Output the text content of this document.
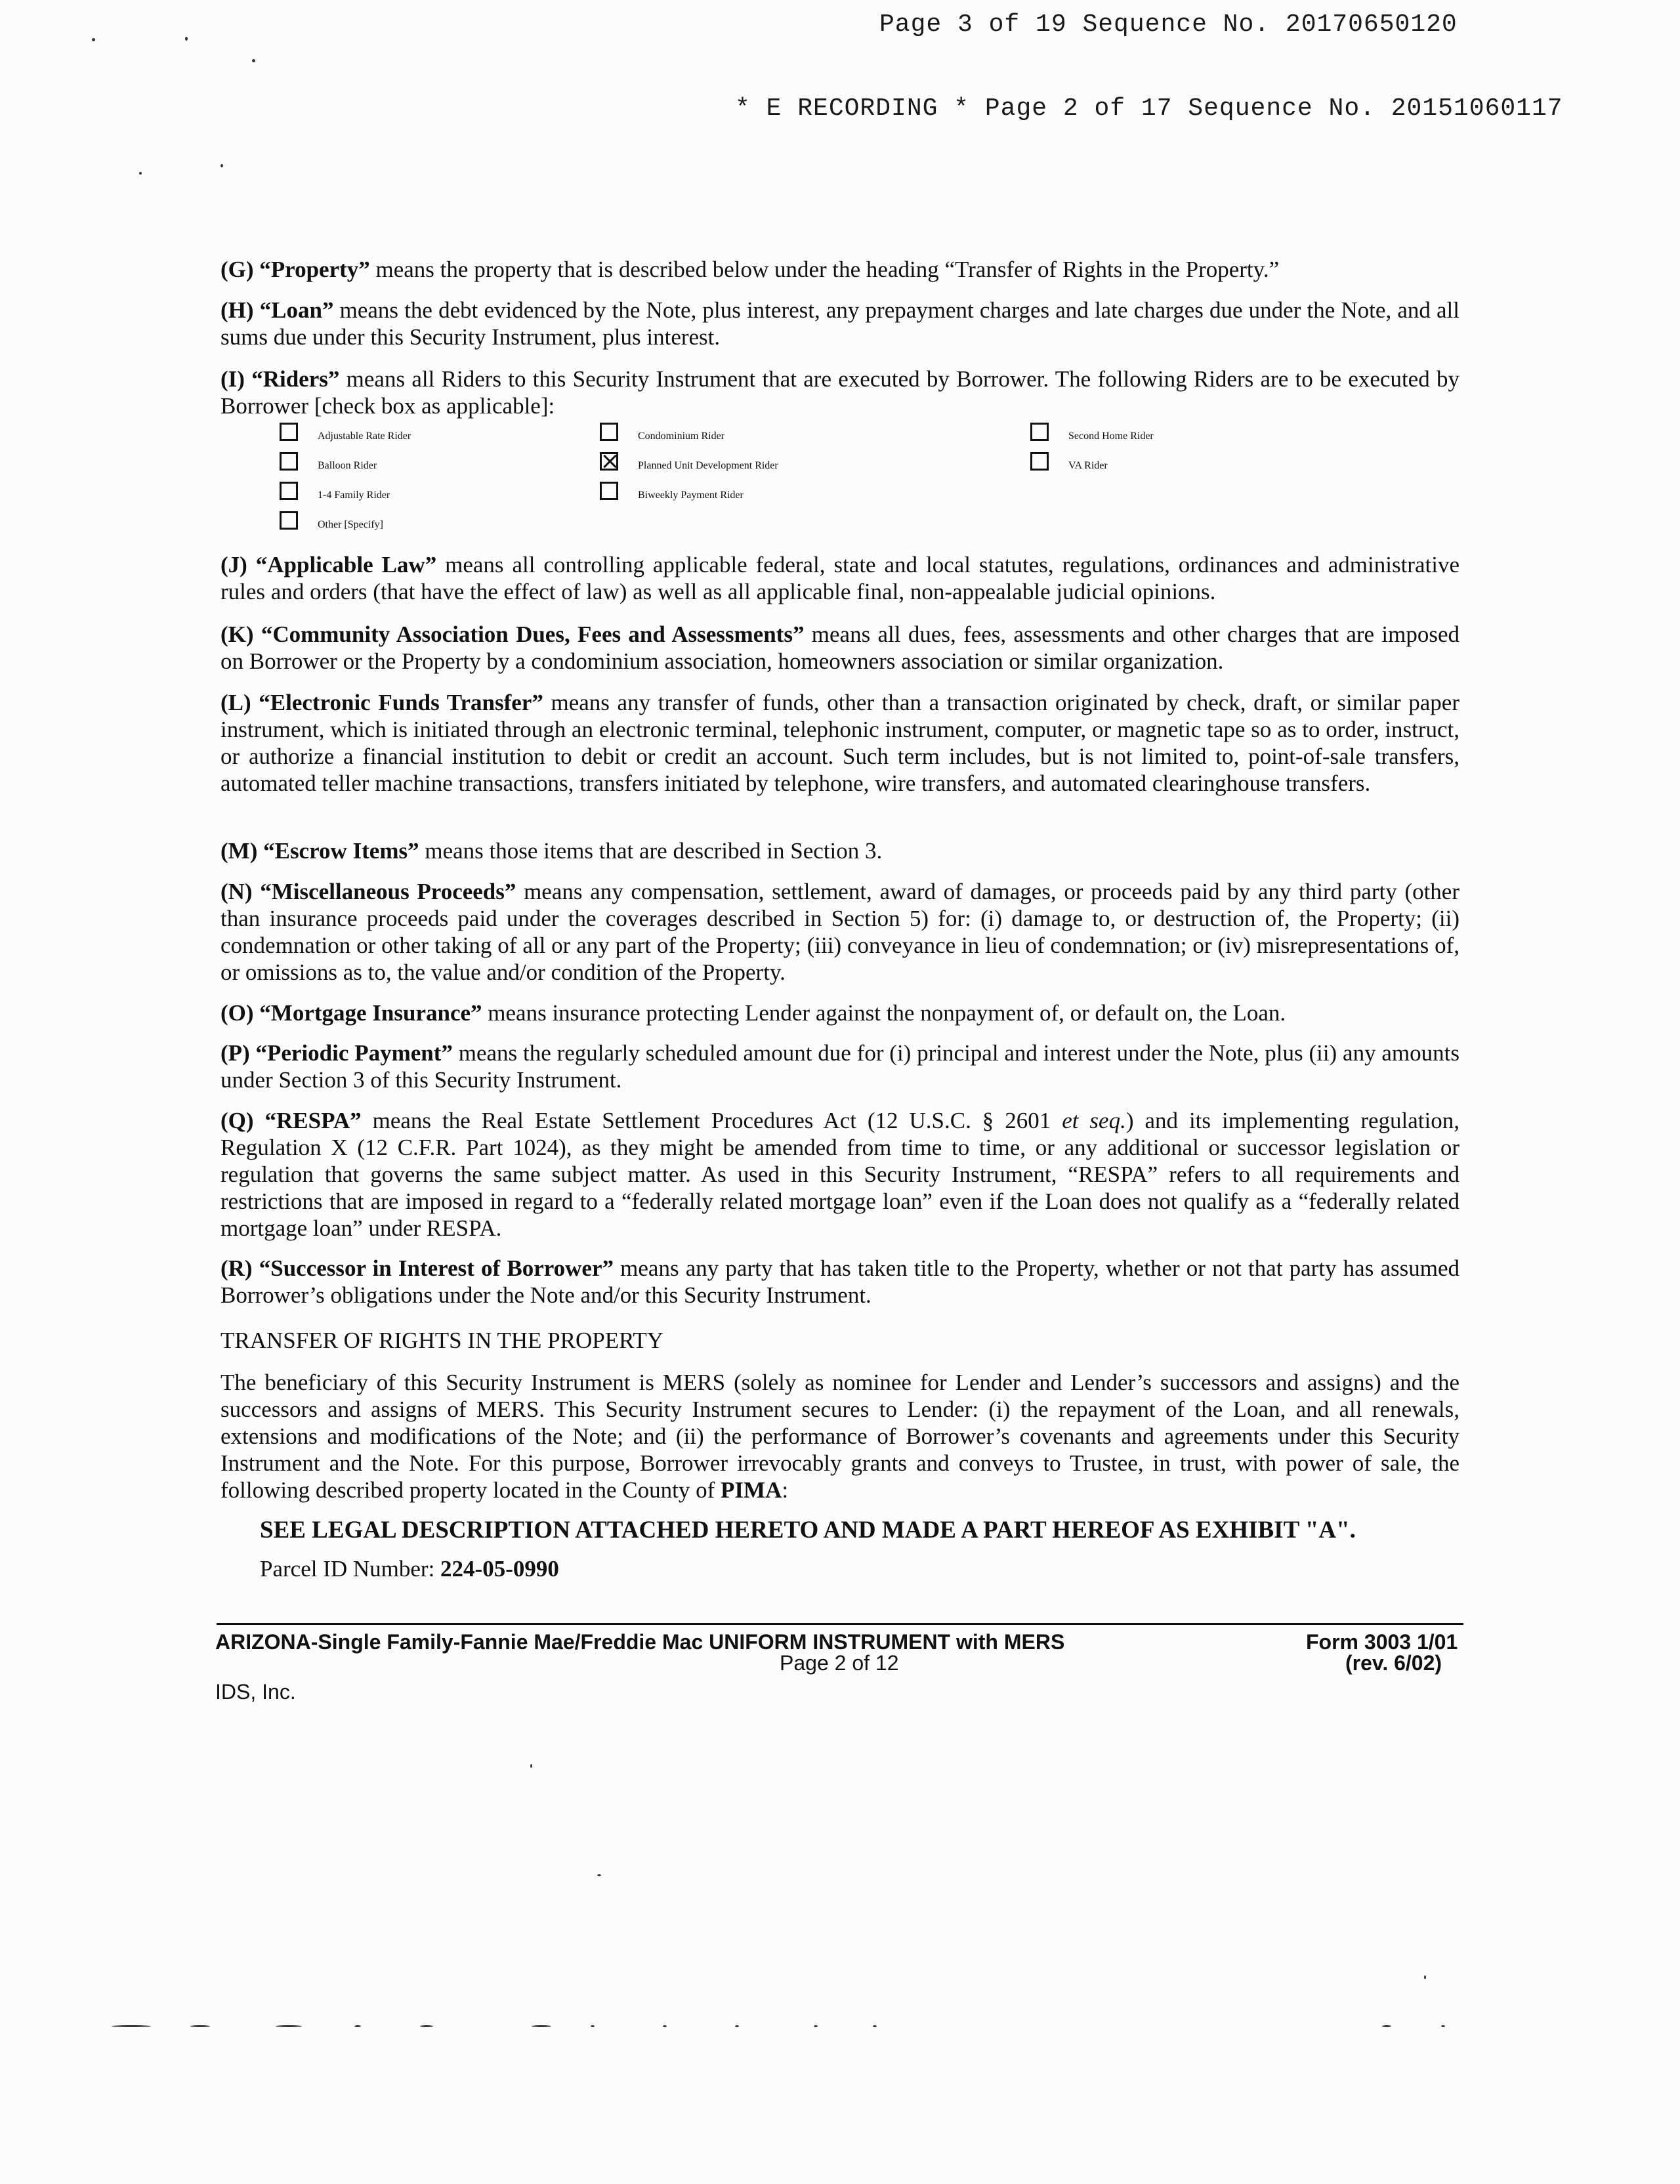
Page 3 of 19 Sequence No. 20170650120
* E RECORDING * Page 2 of 17 Sequence No. 20151060117
(G) “Property” means the property that is described below under the heading “Transfer of Rights in the Property.”
(H) “Loan” means the debt evidenced by the Note, plus interest, any prepayment charges and late charges due under the Note, and all sums due under this Security Instrument, plus interest.
(I) “Riders” means all Riders to this Security Instrument that are executed by Borrower. The following Riders are to be executed by Borrower [check box as applicable]:
Adjustable Rate Rider
Balloon Rider
1-4 Family Rider
Other [Specify]
Condominium Rider
Planned Unit Development Rider
Biweekly Payment Rider
Second Home Rider
VA Rider
(J) “Applicable Law” means all controlling applicable federal, state and local statutes, regulations, ordinances and administrative rules and orders (that have the effect of law) as well as all applicable final, non-appealable judicial opinions.
(K) “Community Association Dues, Fees and Assessments” means all dues, fees, assessments and other charges that are imposed on Borrower or the Property by a condominium association, homeowners association or similar organization.
(L) “Electronic Funds Transfer” means any transfer of funds, other than a transaction originated by check, draft, or similar paper instrument, which is initiated through an electronic terminal, telephonic instrument, computer, or magnetic tape so as to order, instruct, or authorize a financial institution to debit or credit an account. Such term includes, but is not limited to, point-of-sale transfers, automated teller machine transactions, transfers initiated by telephone, wire transfers, and automated clearinghouse transfers.
(M) “Escrow Items” means those items that are described in Section 3.
(N) “Miscellaneous Proceeds” means any compensation, settlement, award of damages, or proceeds paid by any third party (other than insurance proceeds paid under the coverages described in Section 5) for: (i) damage to, or destruction of, the Property; (ii) condemnation or other taking of all or any part of the Property; (iii) conveyance in lieu of condemnation; or (iv) misrepresentations of, or omissions as to, the value and/or condition of the Property.
(O) “Mortgage Insurance” means insurance protecting Lender against the nonpayment of, or default on, the Loan.
(P) “Periodic Payment” means the regularly scheduled amount due for (i) principal and interest under the Note, plus (ii) any amounts under Section 3 of this Security Instrument.
(Q) “RESPA” means the Real Estate Settlement Procedures Act (12 U.S.C. § 2601 et seq.) and its implementing regulation, Regulation X (12 C.F.R. Part 1024), as they might be amended from time to time, or any additional or successor legislation or regulation that governs the same subject matter. As used in this Security Instrument, “RESPA” refers to all requirements and restrictions that are imposed in regard to a “federally related mortgage loan” even if the Loan does not qualify as a “federally related mortgage loan” under RESPA.
(R) “Successor in Interest of Borrower” means any party that has taken title to the Property, whether or not that party has assumed Borrower’s obligations under the Note and/or this Security Instrument.
TRANSFER OF RIGHTS IN THE PROPERTY
The beneficiary of this Security Instrument is MERS (solely as nominee for Lender and Lender’s successors and assigns) and the successors and assigns of MERS. This Security Instrument secures to Lender: (i) the repayment of the Loan, and all renewals, extensions and modifications of the Note; and (ii) the performance of Borrower’s covenants and agreements under this Security Instrument and the Note. For this purpose, Borrower irrevocably grants and conveys to Trustee, in trust, with power of sale, the following described property located in the County of PIMA:
SEE LEGAL DESCRIPTION ATTACHED HERETO AND MADE A PART HEREOF AS EXHIBIT "A".
Parcel ID Number: 224-05-0990
ARIZONA-Single Family-Fannie Mae/Freddie Mac UNIFORM INSTRUMENT with MERS
Page 2 of 12
Form 3003 1/01
(rev. 6/02)
IDS, Inc.
